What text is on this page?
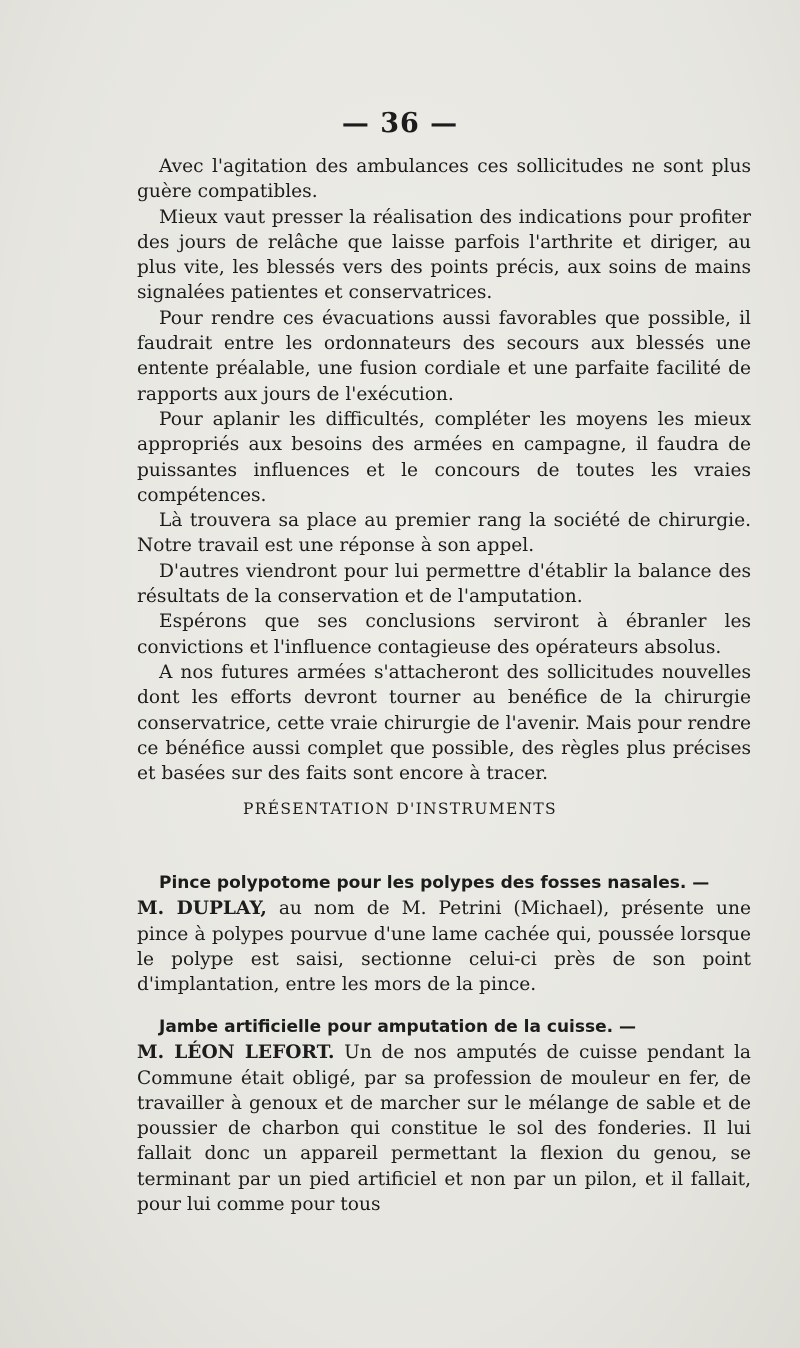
— 36 —

Avec l'agitation des ambulances ces sollicitudes ne sont plus guère compatibles.

Mieux vaut presser la réalisation des indications pour profiter des jours de relâche que laisse parfois l'arthrite et diriger, au plus vite, les blessés vers des points précis, aux soins de mains signalées patientes et conservatrices.

Pour rendre ces évacuations aussi favorables que possible, il faudrait entre les ordonnateurs des secours aux blessés une entente préalable, une fusion cordiale et une parfaite facilité de rapports aux jours de l'exécution.

Pour aplanir les difficultés, compléter les moyens les mieux appropriés aux besoins des armées en campagne, il faudra de puissantes influences et le concours de toutes les vraies compétences.

Là trouvera sa place au premier rang la société de chirurgie. Notre travail est une réponse à son appel.

D'autres viendront pour lui permettre d'établir la balance des résultats de la conservation et de l'amputation.

Espérons que ses conclusions serviront à ébranler les convictions et l'influence contagieuse des opérateurs absolus.

A nos futures armées s'attacheront des sollicitudes nouvelles dont les efforts devront tourner au benéfice de la chirurgie conservatrice, cette vraie chirurgie de l'avenir. Mais pour rendre ce bénéfice aussi complet que possible, des règles plus précises et basées sur des faits sont encore à tracer.

PRÉSENTATION D'INSTRUMENTS

Pince polypotome pour les polypes des fosses nasales. —
M. DUPLAY, au nom de M. Petrini (Michael), présente une pince à polypes pourvue d'une lame cachée qui, poussée lorsque le polype est saisi, sectionne celui-ci près de son point d'implantation, entre les mors de la pince.

Jambe artificielle pour amputation de la cuisse. —
M. LÉON LEFORT. Un de nos amputés de cuisse pendant la Commune était obligé, par sa profession de mouleur en fer, de travailler à genoux et de marcher sur le mélange de sable et de poussier de charbon qui constitue le sol des fonderies. Il lui fallait donc un appareil permettant la flexion du genou, se terminant par un pied artificiel et non par un pilon, et il fallait, pour lui comme pour tous
